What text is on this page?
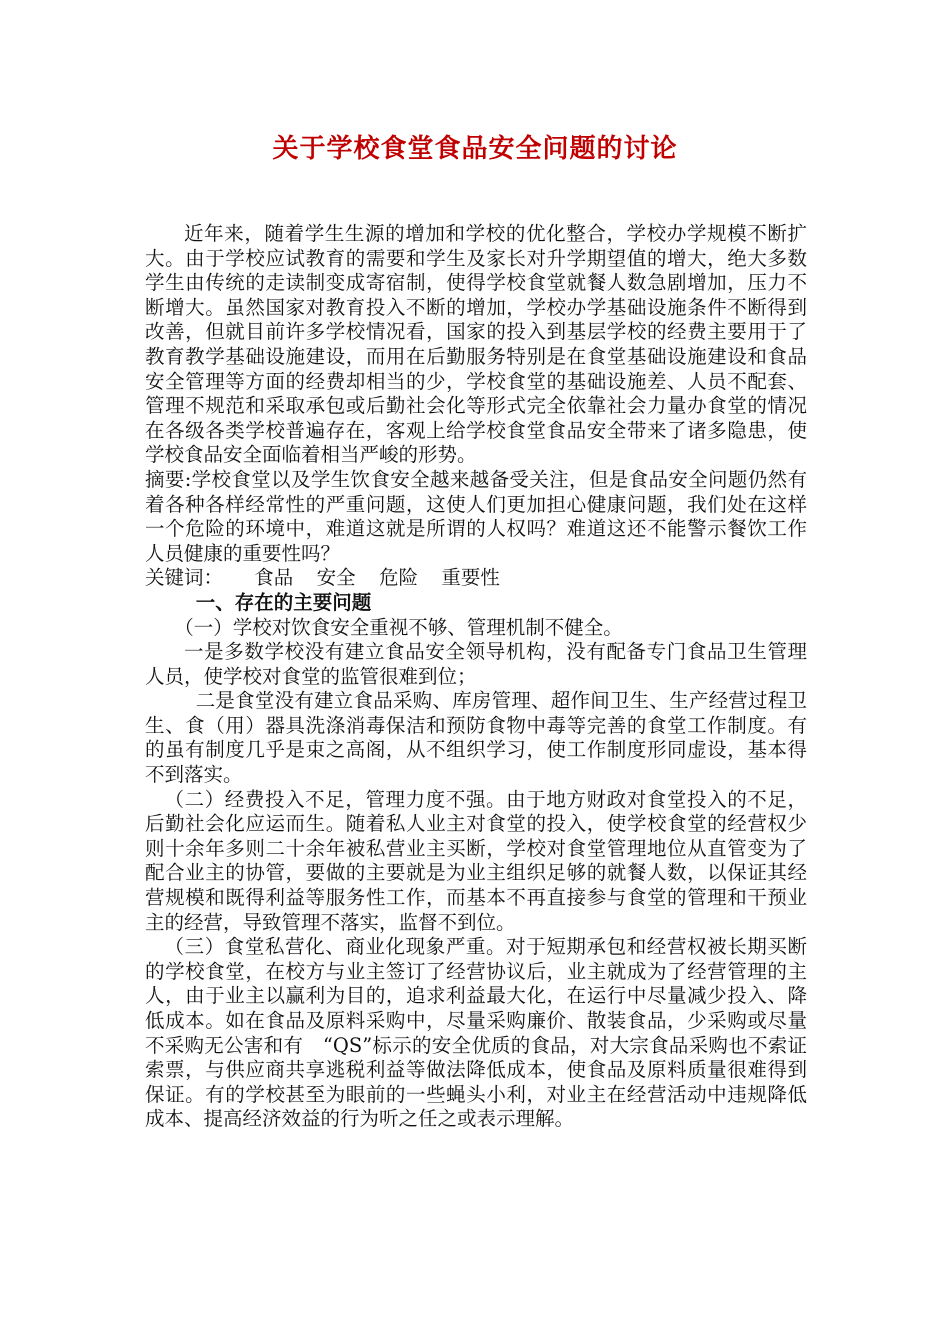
关于学校食堂食品安全问题的讨论

近年来，随着学生生源的增加和学校的优化整合，学校办学规模不断扩大。由于学校应试教育的需要和学生及家长对升学期望值的增大，绝大多数学生由传统的走读制变成寄宿制，使得学校食堂就餐人数急剧增加，压力不断增大。虽然国家对教育投入不断的增加，学校办学基础设施条件不断得到改善，但就目前许多学校情况看，国家的投入到基层学校的经费主要用于了教育教学基础设施建设，而用在后勤服务特别是在食堂基础设施建设和食品安全管理等方面的经费却相当的少，学校食堂的基础设施差、人员不配套、管理不规范和采取承包或后勤社会化等形式完全依靠社会力量办食堂的情况在各级各类学校普遍存在，客观上给学校食堂食品安全带来了诸多隐患，使学校食品安全面临着相当严峻的形势。

摘要:学校食堂以及学生饮食安全越来越备受关注，但是食品安全问题仍然有着各种各样经常性的严重问题，这使人们更加担心健康问题，我们处在这样一个危险的环境中，难道这就是所谓的人权吗？难道这还不能警示餐饮工作人员健康的重要性吗？

关键词： 食品 安全 危险 重要性

一、存在的主要问题

（一）学校对饮食安全重视不够、管理机制不健全。

一是多数学校没有建立食品安全领导机构，没有配备专门食品卫生管理人员，使学校对食堂的监管很难到位；

二是食堂没有建立食品采购、库房管理、超作间卫生、生产经营过程卫生、食（用）器具洗涤消毒保洁和预防食物中毒等完善的食堂工作制度。有的虽有制度几乎是束之高阁，从不组织学习，使工作制度形同虚设，基本得不到落实。

（二）经费投入不足，管理力度不强。由于地方财政对食堂投入的不足，后勤社会化应运而生。随着私人业主对食堂的投入，使学校食堂的经营权少则十余年多则二十余年被私营业主买断，学校对食堂管理地位从直管变为了配合业主的协管，要做的主要就是为业主组织足够的就餐人数，以保证其经营规模和既得利益等服务性工作，而基本不再直接参与食堂的管理和干预业主的经营，导致管理不落实，监督不到位。

（三）食堂私营化、商业化现象严重。对于短期承包和经营权被长期买断的学校食堂，在校方与业主签订了经营协议后，业主就成为了经营管理的主人，由于业主以赢利为目的，追求利益最大化，在运行中尽量减少投入、降低成本。如在食品及原料采购中，尽量采购廉价、散装食品，少采购或尽量不采购无公害和有　“QS”标示的安全优质的食品，对大宗食品采购也不索证索票，与供应商共享逃税利益等做法降低成本，使食品及原料质量很难得到保证。有的学校甚至为眼前的一些蝇头小利，对业主在经营活动中违规降低成本、提高经济效益的行为听之任之或表示理解。
